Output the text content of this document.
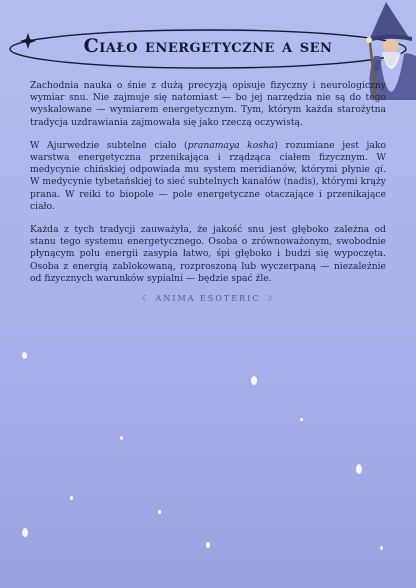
Ciało energetyczne a sen

Zachodnia nauka o śnie z dużą precyzją opisuje fizyczny i neurologiczny wymiar snu. Nie zajmuje się natomiast — bo jej narzędzia nie są do tego wyskalowane — wymiarem energetycznym. Tym, którym każda starożytna tradycja uzdrawiania zajmowała się jako rzeczą oczywistą.

W Ajurwedzie subtelne ciało (pranamaya kosha) rozumiane jest jako warstwa energetyczna przenikająca i rządząca ciałem fizycznym. W medycynie chińskiej odpowiada mu system meridianów, którymi płynie qi. W medycynie tybetańskiej to sieć subtelnych kanałów (nadis), którymi krąży prana. W reiki to biopole — pole energetyczne otaczające i przenikające ciało.

Każda z tych tradycji zauważyła, że jakość snu jest głęboko zależna od stanu tego systemu energetycznego. Osoba o zrównoważonym, swobodnie płynącym polu energii zasypia łatwo, śpi głęboko i budzi się wypoczęta. Osoba z energią zablokowaną, rozproszoną lub wyczerpaną — niezależnie od fizycznych warunków sypialni — będzie spać źle.

☾ ANIMA ESOTERIC ☽
